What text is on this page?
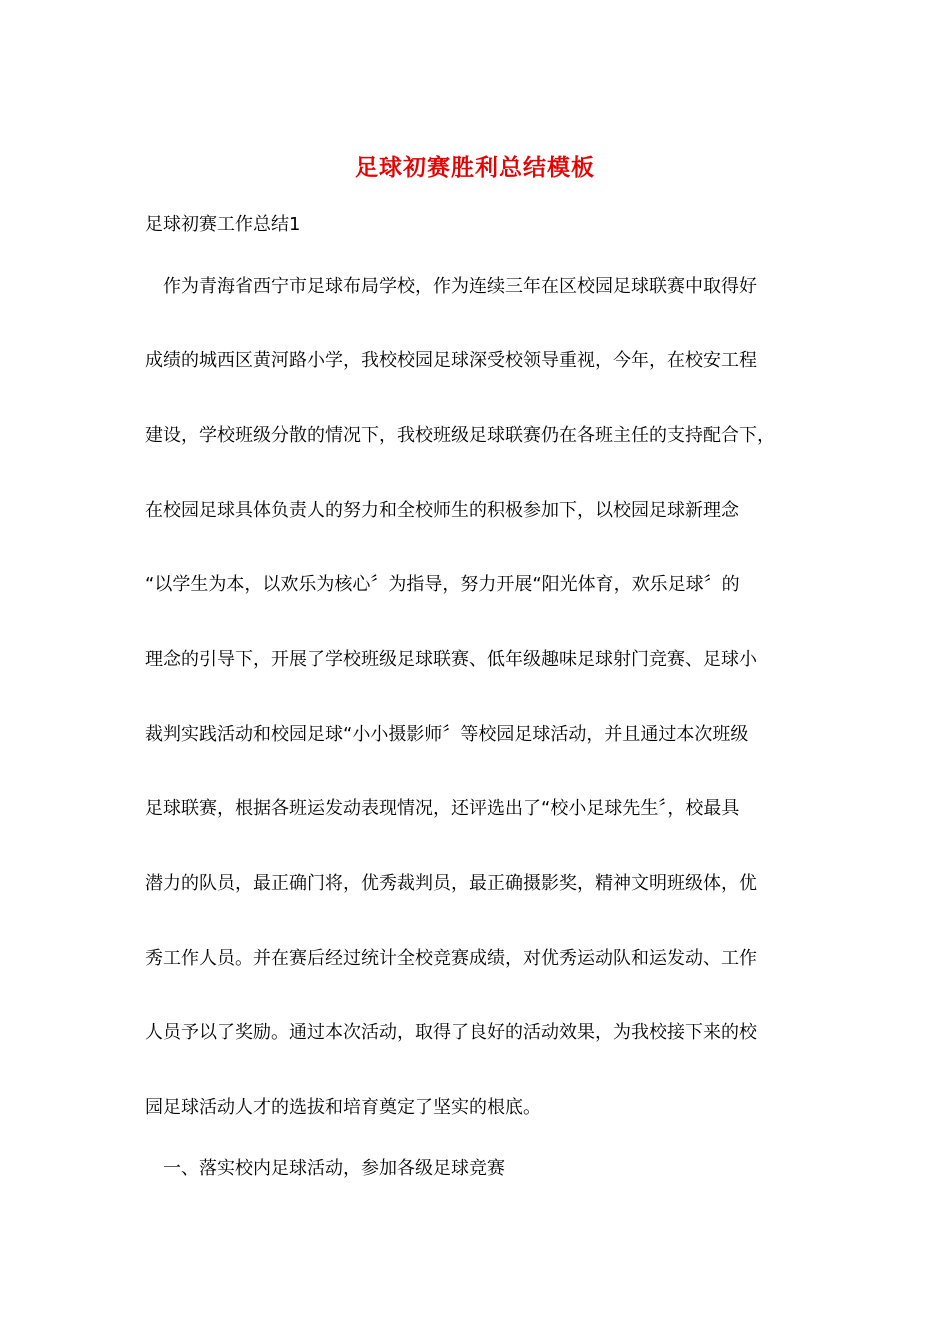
足球初赛胜利总结模板
足球初赛工作总结1
　作为青海省西宁市足球布局学校，作为连续三年在区校园足球联赛中取得好
成绩的城西区黄河路小学，我校校园足球深受校领导重视，今年，在校安工程
建设，学校班级分散的情况下，我校班级足球联赛仍在各班主任的支持配合下，
在校园足球具体负责人的努力和全校师生的积极参加下，以校园足球新理念
“以学生为本，以欢乐为核心〞为指导，努力开展“阳光体育，欢乐足球〞的
理念的引导下，开展了学校班级足球联赛、低年级趣味足球射门竞赛、足球小
裁判实践活动和校园足球“小小摄影师〞等校园足球活动，并且通过本次班级
足球联赛，根据各班运发动表现情况，还评选出了“校小足球先生〞，校最具
潜力的队员，最正确门将，优秀裁判员，最正确摄影奖，精神文明班级体，优
秀工作人员。并在赛后经过统计全校竞赛成绩，对优秀运动队和运发动、工作
人员予以了奖励。通过本次活动，取得了良好的活动效果，为我校接下来的校
园足球活动人才的选拔和培育奠定了坚实的根底。
　一、落实校内足球活动，参加各级足球竞赛
